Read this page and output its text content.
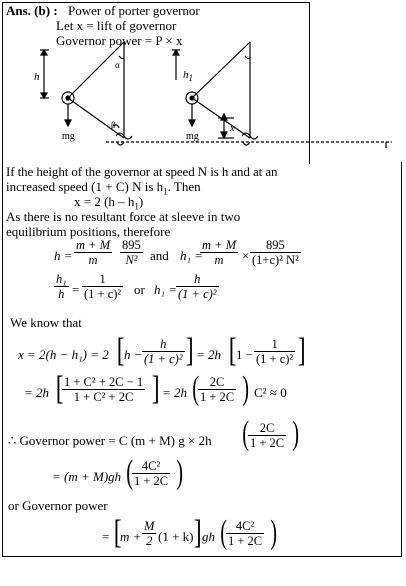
Ans. (b) : Power of porter governor
Let x = lift of governor
Governor power = P × x
h	$h_1$
α
β
mg	mg
x
If the height of the governor at speed N is h and at an
increased speed (1 + C) N is $h_1$. Then
x = 2 $(h - h_1)$
As there is no resultant force at sleeve in two
equilibrium positions, therefore
$h = \frac{m + M}{m} \frac{895}{\text{N²}}$ and h₁ =
$\frac{m + M}{m} \times \frac{895}{\text{(1+c)² N²}}$
$\frac{\text{h₁}}{h} = \frac{1}{\text{(1 + c)²}}$ or h₁ =
$\frac{h}{\text{(1 + c)²}}$
We know that
x = 2(h − h₁) = 2 [ $h - \frac{h}{\text{(1 + c)²}}$ ] = 2h [ $1 - \frac{1}{\text{(1 + c)²}}$ ]
= 2h [
$\frac{\text{1 + C² + 2C − 1}}{\text{1 + C² + 2C}}$ ] = 2h (
$\frac{2C}{1 + 2C}$ ) C² ≈ 0
∴ Governor power = C (m + M) g × 2h (
$\frac{2C}{1 + 2C}$ )
= (m + M)gh (
$\frac{\text{4C²}}{1 + 2C}$ )
or Governor power
= [
$m + \frac{M}{2} (1 + k)$ ] gh (
$\frac{\text{4C²}}{1 + 2C}$ )
